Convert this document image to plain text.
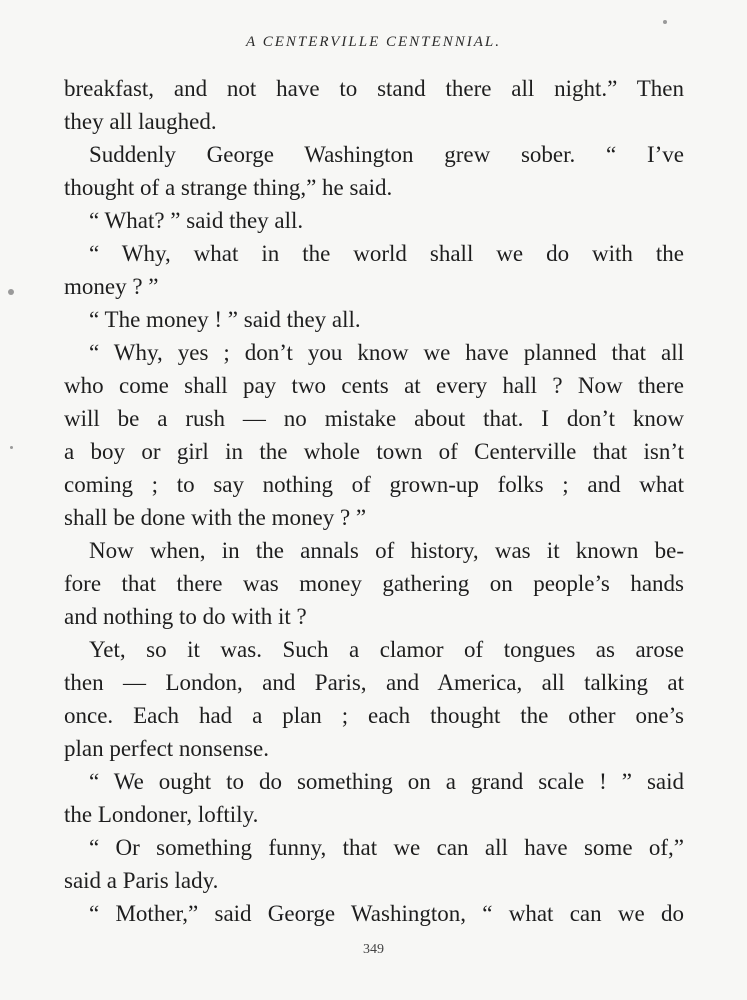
A CENTERVILLE CENTENNIAL.
breakfast, and not have to stand there all night.” Then
they all laughed.
Suddenly George Washington grew sober. “ I’ve
thought of a strange thing,” he said.
“ What? ” said they all.
“ Why, what in the world shall we do with the
money ? ”
“ The money ! ” said they all.
“ Why, yes ; don’t you know we have planned that all
who come shall pay two cents at every hall ? Now there
will be a rush — no mistake about that. I don’t know
a boy or girl in the whole town of Centerville that isn’t
coming ; to say nothing of grown-up folks ; and what
shall be done with the money ? ”
Now when, in the annals of history, was it known be-
fore that there was money gathering on people’s hands
and nothing to do with it ?
Yet, so it was. Such a clamor of tongues as arose
then — London, and Paris, and America, all talking at
once. Each had a plan ; each thought the other one’s
plan perfect nonsense.
“ We ought to do something on a grand scale ! ” said
the Londoner, loftily.
“ Or something funny, that we can all have some of,”
said a Paris lady.
“ Mother,” said George Washington, “ what can we do
349
